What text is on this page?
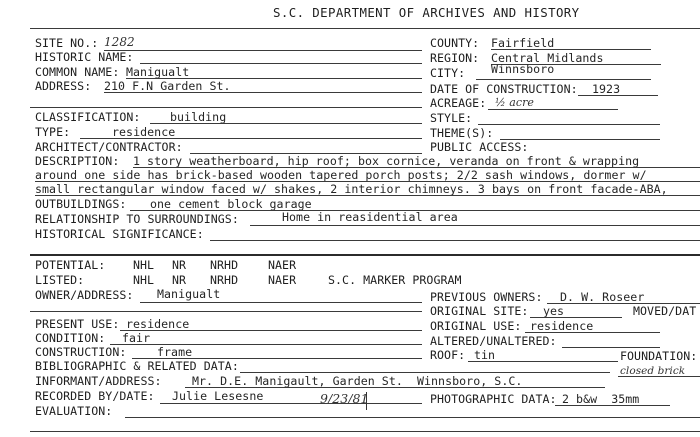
S.C. DEPARTMENT OF ARCHIVES AND HISTORY
SITE NO.: 1282
HISTORIC NAME:
COMMON NAME: Manigualt
ADDRESS: 210 F.N Garden St.
COUNTY: Fairfield
REGION: Central Midlands
CITY: Winnsboro
DATE OF CONSTRUCTION: 1923
ACREAGE: ½ acre
STYLE:
THEME(S):
PUBLIC ACCESS:
CLASSIFICATION:	building
TYPE:	residence
ARCHITECT/CONTRACTOR:
DESCRIPTION: 1 story weatherboard, hip roof; box cornice, veranda on front & wrapping
around one side has brick-based wooden tapered porch posts; 2/2 sash windows, dormer w/
small rectangular window faced w/ shakes, 2 interior chimneys. 3 bays on front facade-ABA,
OUTBUILDINGS: one cement block garage
RELATIONSHIP TO SURROUNDINGS:	Home in reasidential area
HISTORICAL SIGNIFICANCE:
POTENTIAL: NHL NR NRHD	NAER
LISTED:	NHL NR NRHD	NAER	S.C. MARKER PROGRAM
OWNER/ADDRESS: Manigualt	PREVIOUS OWNERS: D. W. Roseer
ORIGINAL SITE: yes	MOVED/DAT
PRESENT USE: residence	ORIGINAL USE: residence
CONDITION: fair	ALTERED/UNALTERED:
CONSTRUCTION:	frame	ROOF: tin	FOUNDATION:
closed brick
BIBLIOGRAPHIC & RELATED DATA:
INFORMANT/ADDRESS:	Mr. D.E. Manigault, Garden St.  Winnsboro, S.C.
RECORDED BY/DATE: Julie Lesesne	9/23/81	PHOTOGRAPHIC DATA: 2 b&w  35mm
EVALUATION:
